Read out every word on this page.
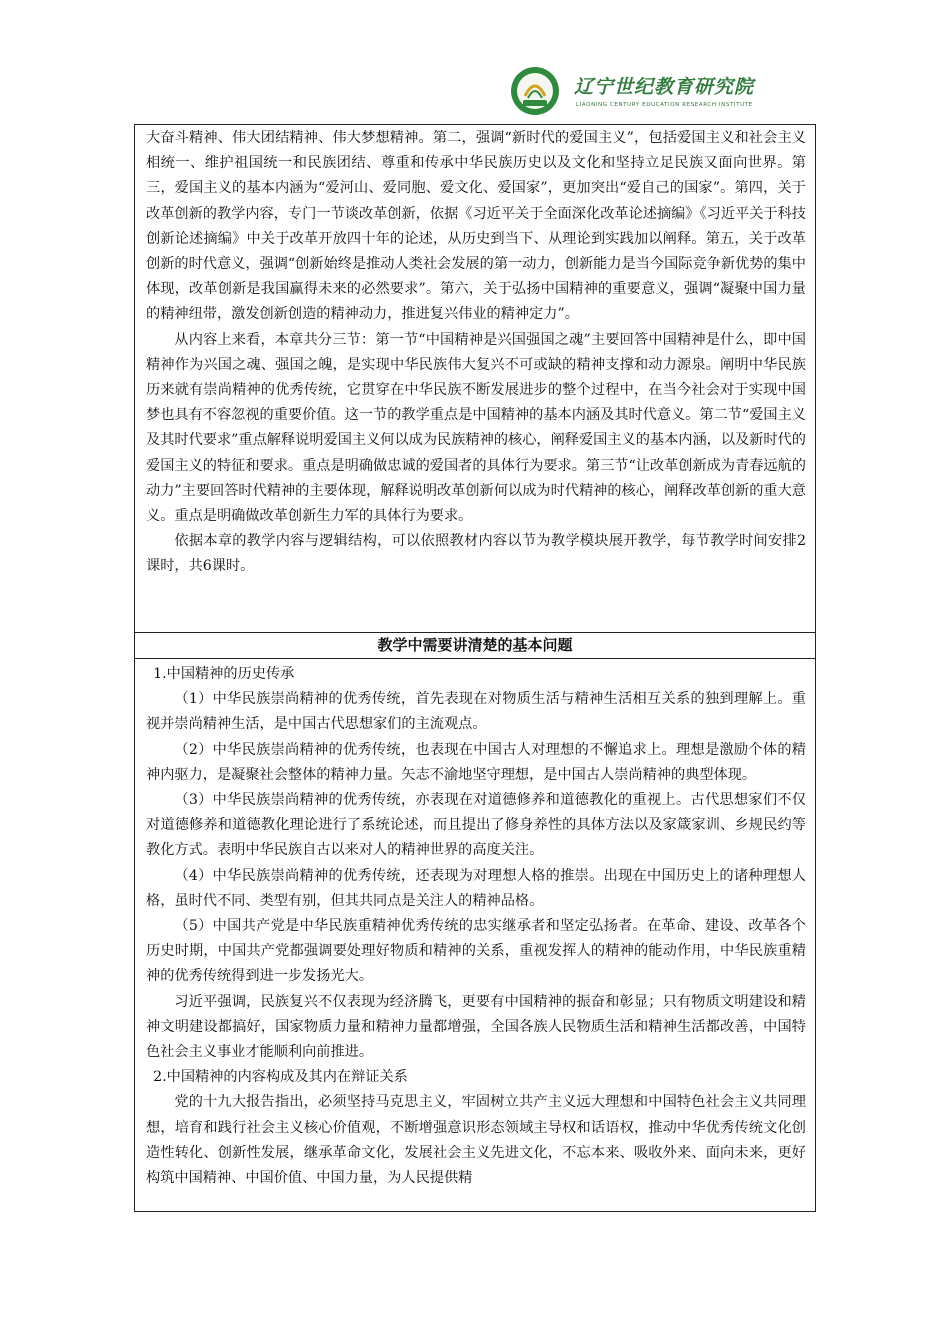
辽宁世纪教育研究院
LIAONING CENTURY EDUCATION RESEARCH INSTITUTE

大奋斗精神、伟大团结精神、伟大梦想精神。第二，强调“新时代的爱国主义”，包括爱国主义和社会主义相统一、维护祖国统一和民族团结、尊重和传承中华民族历史以及文化和坚持立足民族又面向世界。第三，爱国主义的基本内涵为“爱河山、爱同胞、爱文化、爱国家”，更加突出“爱自己的国家”。第四，关于改革创新的教学内容，专门一节谈改革创新，依据《习近平关于全面深化改革论述摘编》《习近平关于科技创新论述摘编》中关于改革开放四十年的论述，从历史到当下、从理论到实践加以阐释。第五，关于改革创新的时代意义，强调“创新始终是推动人类社会发展的第一动力，创新能力是当今国际竞争新优势的集中体现，改革创新是我国赢得未来的必然要求”。第六，关于弘扬中国精神的重要意义，强调“凝聚中国力量的精神纽带，激发创新创造的精神动力，推进复兴伟业的精神定力”。

从内容上来看，本章共分三节：第一节“中国精神是兴国强国之魂”主要回答中国精神是什么，即中国精神作为兴国之魂、强国之魄，是实现中华民族伟大复兴不可或缺的精神支撑和动力源泉。阐明中华民族历来就有崇尚精神的优秀传统，它贯穿在中华民族不断发展进步的整个过程中，在当今社会对于实现中国梦也具有不容忽视的重要价值。这一节的教学重点是中国精神的基本内涵及其时代意义。第二节“爱国主义及其时代要求”重点解释说明爱国主义何以成为民族精神的核心，阐释爱国主义的基本内涵，以及新时代的爱国主义的特征和要求。重点是明确做忠诚的爱国者的具体行为要求。第三节“让改革创新成为青春远航的动力”主要回答时代精神的主要体现，解释说明改革创新何以成为时代精神的核心，阐释改革创新的重大意义。重点是明确做改革创新生力军的具体行为要求。

依据本章的教学内容与逻辑结构，可以依照教材内容以节为教学模块展开教学，每节教学时间安排2课时，共6课时。

教学中需要讲清楚的基本问题

1.中国精神的历史传承

（1）中华民族崇尚精神的优秀传统，首先表现在对物质生活与精神生活相互关系的独到理解上。重视并崇尚精神生活，是中国古代思想家们的主流观点。

（2）中华民族崇尚精神的优秀传统，也表现在中国古人对理想的不懈追求上。理想是激励个体的精神内驱力，是凝聚社会整体的精神力量。矢志不渝地坚守理想，是中国古人崇尚精神的典型体现。

（3）中华民族崇尚精神的优秀传统，亦表现在对道德修养和道德教化的重视上。古代思想家们不仅对道德修养和道德教化理论进行了系统论述，而且提出了修身养性的具体方法以及家箴家训、乡规民约等教化方式。表明中华民族自古以来对人的精神世界的高度关注。

（4）中华民族崇尚精神的优秀传统，还表现为对理想人格的推崇。出现在中国历史上的诸种理想人格，虽时代不同、类型有别，但其共同点是关注人的精神品格。

（5）中国共产党是中华民族重精神优秀传统的忠实继承者和坚定弘扬者。在革命、建设、改革各个历史时期，中国共产党都强调要处理好物质和精神的关系，重视发挥人的精神的能动作用，中华民族重精神的优秀传统得到进一步发扬光大。

习近平强调，民族复兴不仅表现为经济腾飞，更要有中国精神的振奋和彰显；只有物质文明建设和精神文明建设都搞好，国家物质力量和精神力量都增强，全国各族人民物质生活和精神生活都改善，中国特色社会主义事业才能顺利向前推进。

2.中国精神的内容构成及其内在辩证关系

党的十九大报告指出，必须坚持马克思主义，牢固树立共产主义远大理想和中国特色社会主义共同理想，培育和践行社会主义核心价值观，不断增强意识形态领域主导权和话语权，推动中华优秀传统文化创造性转化、创新性发展，继承革命文化，发展社会主义先进文化，不忘本来、吸收外来、面向未来，更好构筑中国精神、中国价值、中国力量，为人民提供精
